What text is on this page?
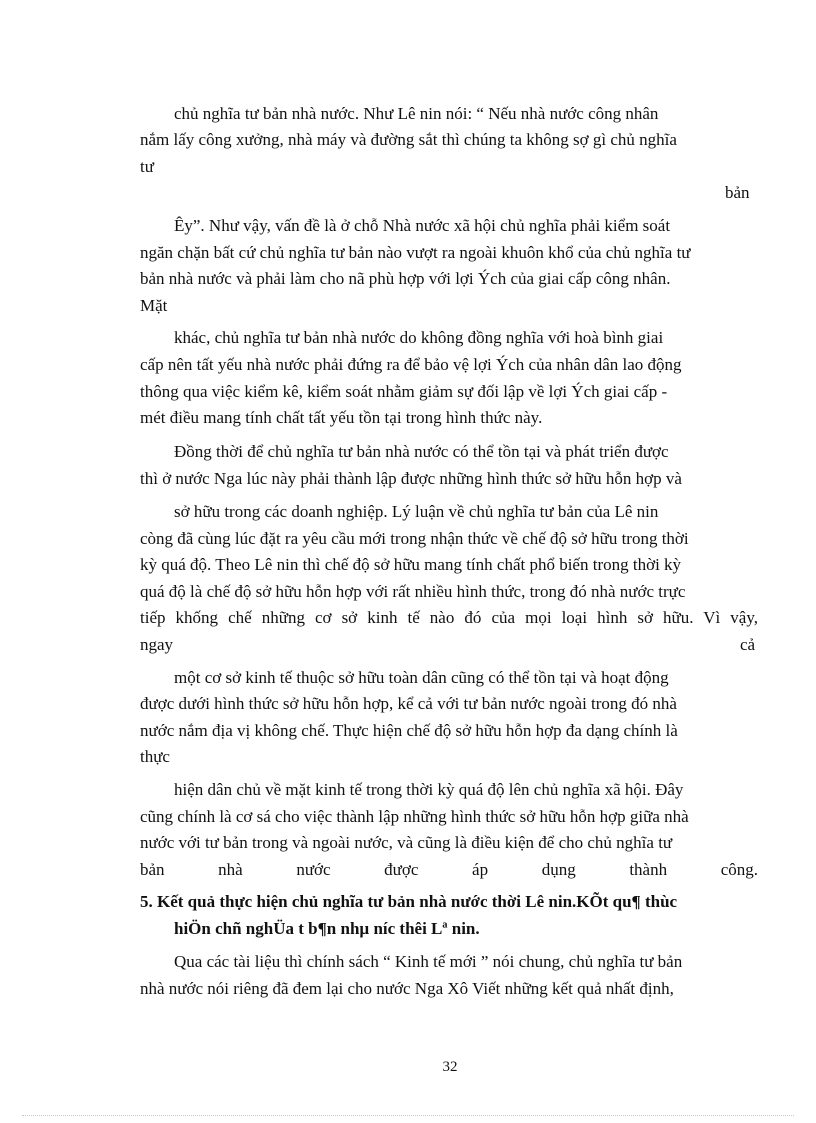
chủ nghĩa tư bản nhà nước. Như Lê nin nói: “ Nếu nhà nước công nhân
nắm lấy công xưởng, nhà máy và đường sắt thì chúng ta không sợ gì chủ nghĩa
tư
bản
Êy”. Như vậy, vấn đề là ở chỗ Nhà nước xã hội chủ nghĩa phải kiểm soát
ngăn chặn bất cứ chủ nghĩa tư bản nào vượt ra ngoài khuôn khổ của chủ nghĩa tư
bản nhà nước và phải làm cho nã phù hợp với lợi Ých của giai cấp công nhân.
Mặt
khác, chủ nghĩa tư bản nhà nước do không đồng nghĩa với hoà bình giai
cấp nên tất yếu nhà nước phải đứng ra để bảo vệ lợi Ých của nhân dân lao động
thông qua việc kiểm kê, kiểm soát nhằm giảm sự đối lập về lợi Ých giai cấp -
mét điều mang tính chất tất yếu tồn tại trong hình thức này.
Đồng thời để chủ nghĩa tư bản nhà nước có thể tồn tại và phát triển được
thì ở nước Nga lúc này phải thành lập được những hình thức sở hữu hỗn hợp và
sở hữu trong các doanh nghiệp. Lý luận về chủ nghĩa tư bản của Lê nin
còng đã cùng lúc đặt ra yêu cầu mới trong nhận thức về chế độ sở hữu trong thời
kỳ quá độ. Theo Lê nin thì chế độ sở hữu mang tính chất phổ biến trong thời kỳ
quá độ là chế độ sở hữu hỗn hợp với rất nhiều hình thức, trong đó nhà nước trực
tiếp khống chế những cơ sở kinh tế nào đó của mọi loại hình sở hữu. Vì vậy,
ngay	cả
một cơ sở kinh tế thuộc sở hữu toàn dân cũng có thể tồn tại và hoạt động
được dưới hình thức sở hữu hỗn hợp, kể cả với tư bản nước ngoài trong đó nhà
nước nắm địa vị không chế. Thực hiện chế độ sở hữu hỗn hợp đa dạng chính là
thực
hiện dân chủ về mặt kinh tế trong thời kỳ quá độ lên chủ nghĩa xã hội. Đây
cũng chính là cơ sá cho việc thành lập những hình thức sở hữu hỗn hợp giữa nhà
nước với tư bản trong và ngoài nước, và cũng là điều kiện để cho chủ nghĩa tư
bản nhà nước được áp dụng thành công.
5. Kết quả thực hiện chủ nghĩa tư bản nhà nước thời Lê nin.KÕt qu¶ thùc
hiÖn chñ nghÜa t b¶n nhµ níc thêi Lª nin.
Qua các tài liệu thì chính sách “ Kinh tế mới ” nói chung, chủ nghĩa tư bản
nhà nước nói riêng đã đem lại cho nước Nga Xô Viết những kết quả nhất định,
32
